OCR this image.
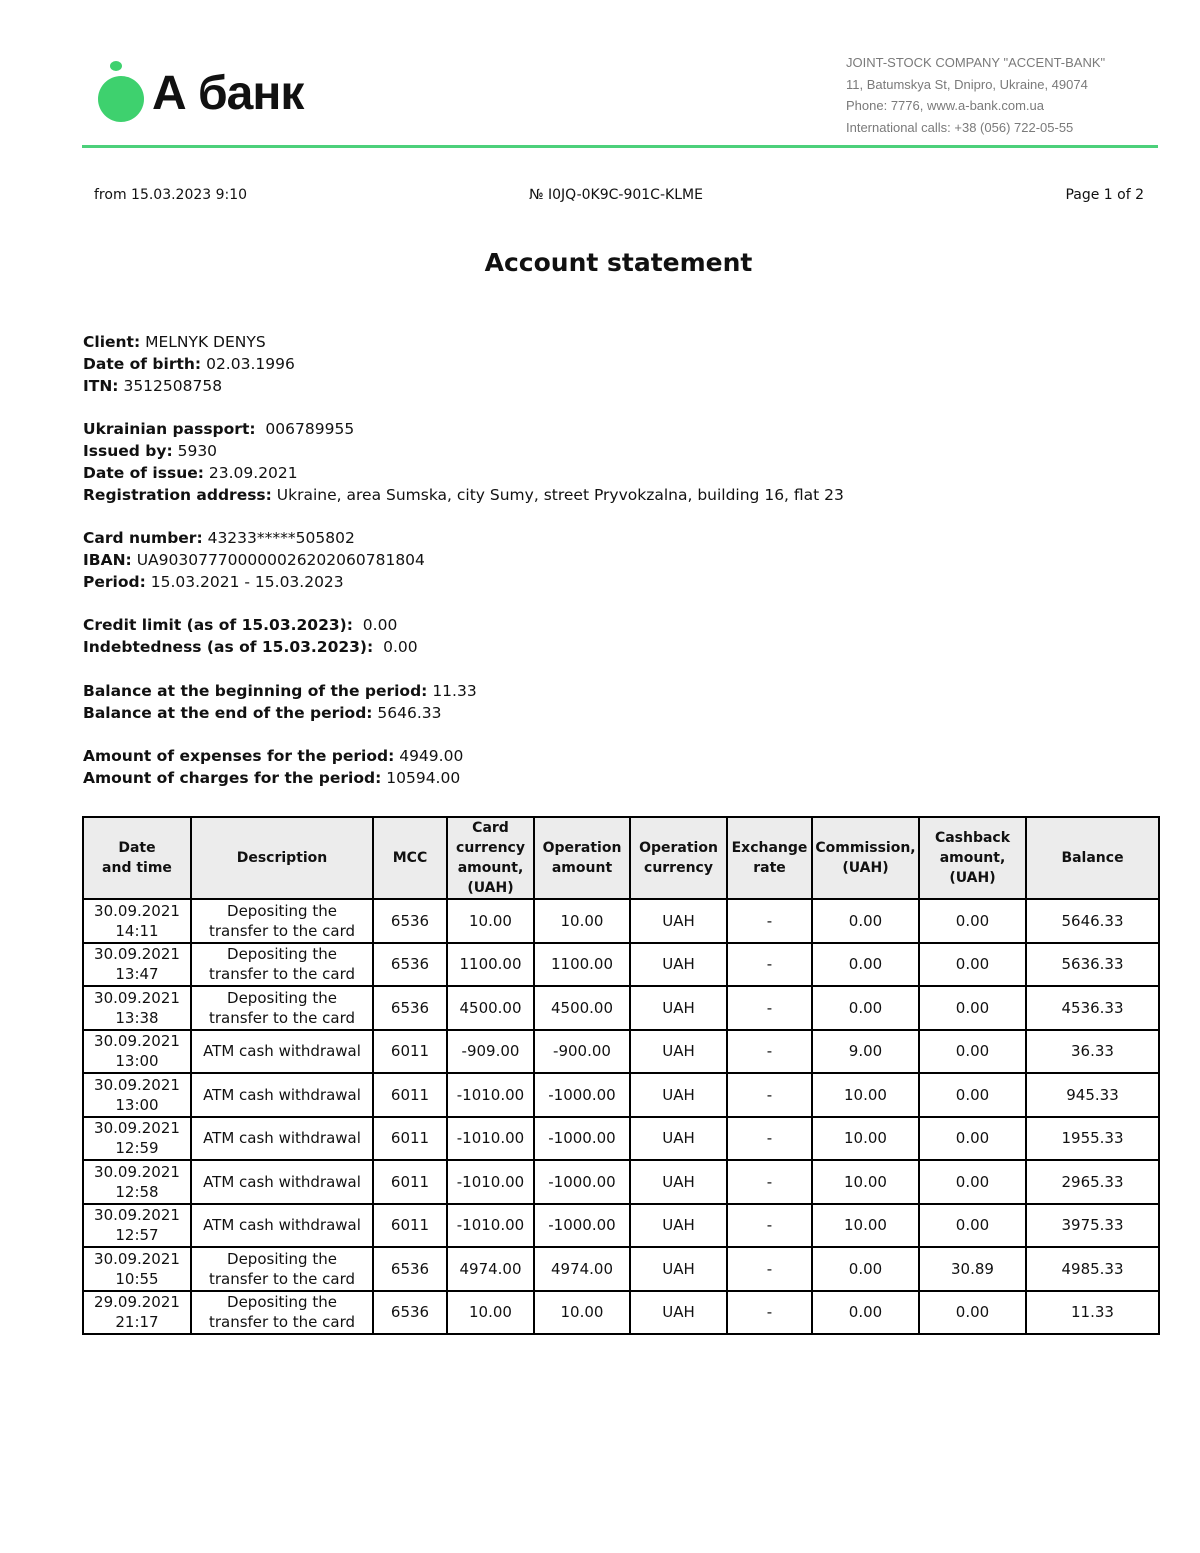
А банк
JOINT-STOCK COMPANY "ACCENT-BANK"
11, Batumskya St, Dnipro, Ukraine, 49074
Phone: 7776, www.a-bank.com.ua
International calls: +38 (056) 722-05-55
from 15.03.2023 9:10	№ I0JQ-0K9C-901C-KLME	Page 1 of 2
Account statement
Client: MELNYK DENYS
Date of birth: 02.03.1996
ITN: 3512508758
Ukrainian passport: 006789955
Issued by: 5930
Date of issue: 23.09.2021
Registration address: Ukraine, area Sumska, city Sumy, street Pryvokzalna, building 16, flat 23
Card number: 43233*****505802
IBAN: UA903077700000026202060781804
Period: 15.03.2021 - 15.03.2023
Credit limit (as of 15.03.2023): 0.00
Indebtedness (as of 15.03.2023): 0.00
Balance at the beginning of the period: 11.33
Balance at the end of the period: 5646.33
Amount of expenses for the period: 4949.00
Amount of charges for the period: 10594.00
Date
and time	Description	MCC	Card
currency
amount,
(UAH)	Operation
amount	Operation
currency	Exchange
rate	Commission,
(UAH)	Cashback
amount,
(UAH)	Balance
30.09.2021
14:11	Depositing the
transfer to the card	6536	10.00	10.00	UAH	-	0.00	0.00	5646.33
30.09.2021
13:47	Depositing the
transfer to the card	6536	1100.00	1100.00	UAH	-	0.00	0.00	5636.33
30.09.2021
13:38	Depositing the
transfer to the card	6536	4500.00	4500.00	UAH	-	0.00	0.00	4536.33
30.09.2021
13:00	ATM cash withdrawal	6011	-909.00	-900.00	UAH	-	9.00	0.00	36.33
30.09.2021
13:00	ATM cash withdrawal	6011	-1010.00	-1000.00	UAH	-	10.00	0.00	945.33
30.09.2021
12:59	ATM cash withdrawal	6011	-1010.00	-1000.00	UAH	-	10.00	0.00	1955.33
30.09.2021
12:58	ATM cash withdrawal	6011	-1010.00	-1000.00	UAH	-	10.00	0.00	2965.33
30.09.2021
12:57	ATM cash withdrawal	6011	-1010.00	-1000.00	UAH	-	10.00	0.00	3975.33
30.09.2021
10:55	Depositing the
transfer to the card	6536	4974.00	4974.00	UAH	-	0.00	30.89	4985.33
29.09.2021
21:17	Depositing the
transfer to the card	6536	10.00	10.00	UAH	-	0.00	0.00	11.33
